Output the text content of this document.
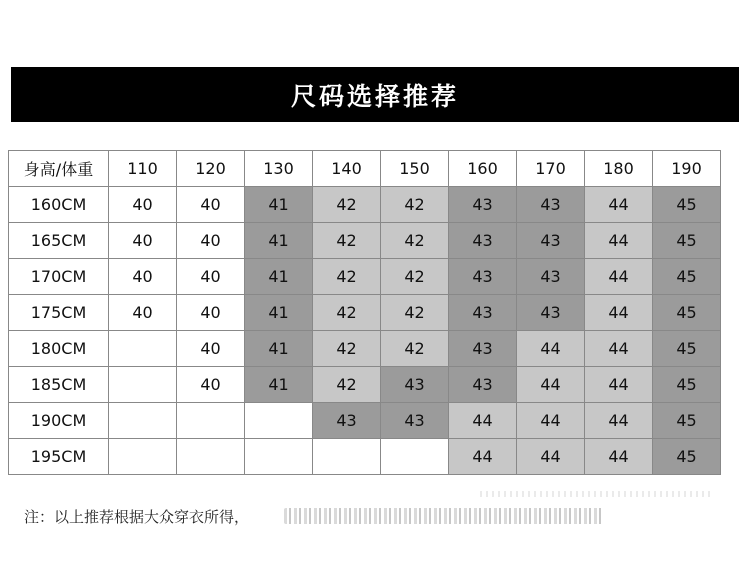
尺码选择推荐
身高/体重	110	120	130	140	150	160	170	180	190
160CM	40	40	41	42	42	43	43	44	45
165CM	40	40	41	42	42	43	43	44	45
170CM	40	40	41	42	42	43	43	44	45
175CM	40	40	41	42	42	43	43	44	45
180CM		40	41	42	42	43	44	44	45
185CM		40	41	42	43	43	44	44	45
190CM				43	43	44	44	44	45
195CM						44	44	44	45
注：以上推荐根据大众穿衣所得，
